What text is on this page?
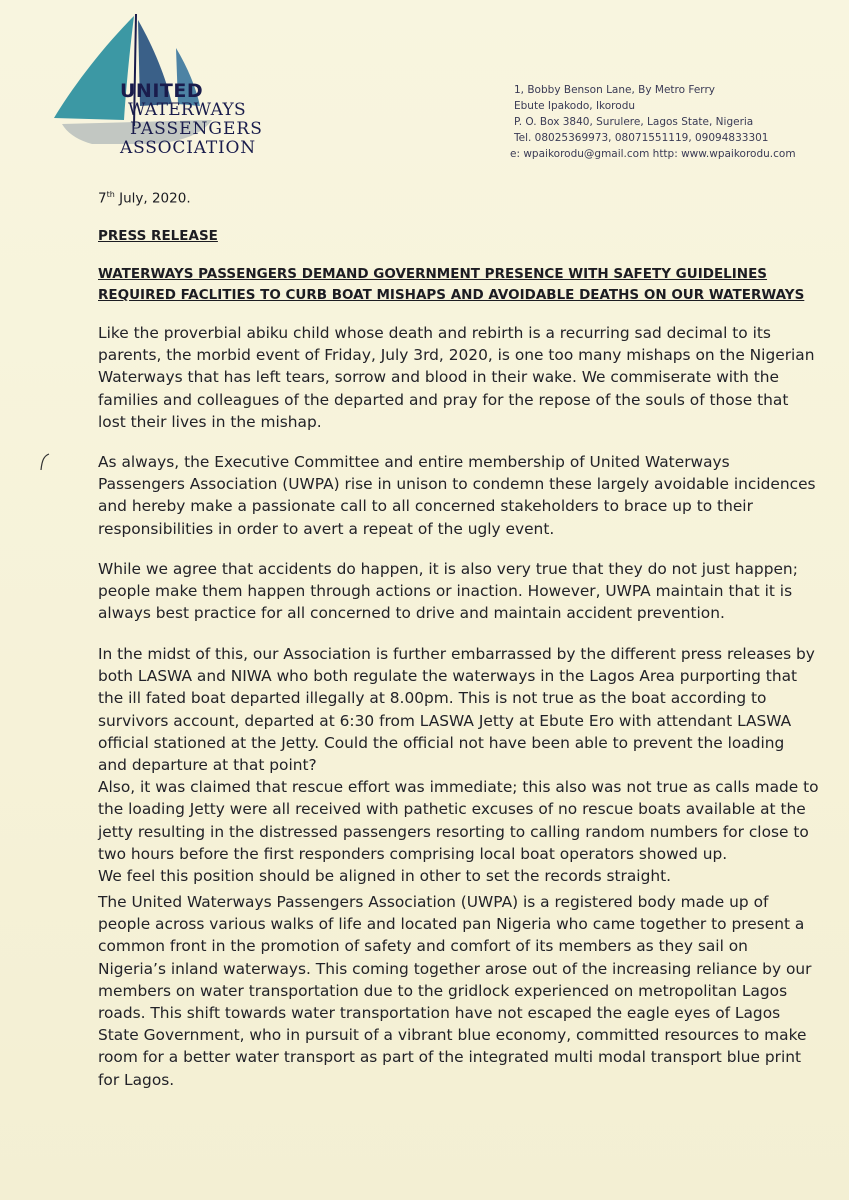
UNITED
WATERWAYS
PASSENGERS
ASSOCIATION
1, Bobby Benson Lane, By Metro Ferry
Ebute Ipakodo, Ikorodu
P. O. Box 3840, Surulere, Lagos State, Nigeria
Tel. 08025369973, 08071551119, 09094833301
e: wpaikorodu@gmail.com http: www.wpaikorodu.com
7th July, 2020.
PRESS RELEASE
WATERWAYS PASSENGERS DEMAND GOVERNMENT PRESENCE WITH SAFETY GUIDELINES
REQUIRED FACLITIES TO CURB BOAT MISHAPS AND AVOIDABLE DEATHS ON OUR WATERWAYS
Like the proverbial abiku child whose death and rebirth is a recurring sad decimal to its
parents, the morbid event of Friday, July 3rd, 2020, is one too many mishaps on the Nigerian
Waterways that has left tears, sorrow and blood in their wake. We commiserate with the
families and colleagues of the departed and pray for the repose of the souls of those that
lost their lives in the mishap.
As always, the Executive Committee and entire membership of United Waterways
Passengers Association (UWPA) rise in unison to condemn these largely avoidable incidences
and hereby make a passionate call to all concerned stakeholders to brace up to their
responsibilities in order to avert a repeat of the ugly event.
While we agree that accidents do happen, it is also very true that they do not just happen;
people make them happen through actions or inaction. However, UWPA maintain that it is
always best practice for all concerned to drive and maintain accident prevention.
In the midst of this, our Association is further embarrassed by the different press releases by
both LASWA and NIWA who both regulate the waterways in the Lagos Area purporting that
the ill fated boat departed illegally at 8.00pm. This is not true as the boat according to
survivors account, departed at 6:30 from LASWA Jetty at Ebute Ero with attendant LASWA
official stationed at the Jetty. Could the official not have been able to prevent the loading
and departure at that point?
Also, it was claimed that rescue effort was immediate; this also was not true as calls made to
the loading Jetty were all received with pathetic excuses of no rescue boats available at the
jetty resulting in the distressed passengers resorting to calling random numbers for close to
two hours before the first responders comprising local boat operators showed up.
We feel this position should be aligned in other to set the records straight.
The United Waterways Passengers Association (UWPA) is a registered body made up of
people across various walks of life and located pan Nigeria who came together to present a
common front in the promotion of safety and comfort of its members as they sail on
Nigeria’s inland waterways. This coming together arose out of the increasing reliance by our
members on water transportation due to the gridlock experienced on metropolitan Lagos
roads. This shift towards water transportation have not escaped the eagle eyes of Lagos
State Government, who in pursuit of a vibrant blue economy, committed resources to make
room for a better water transport as part of the integrated multi modal transport blue print
for Lagos.
